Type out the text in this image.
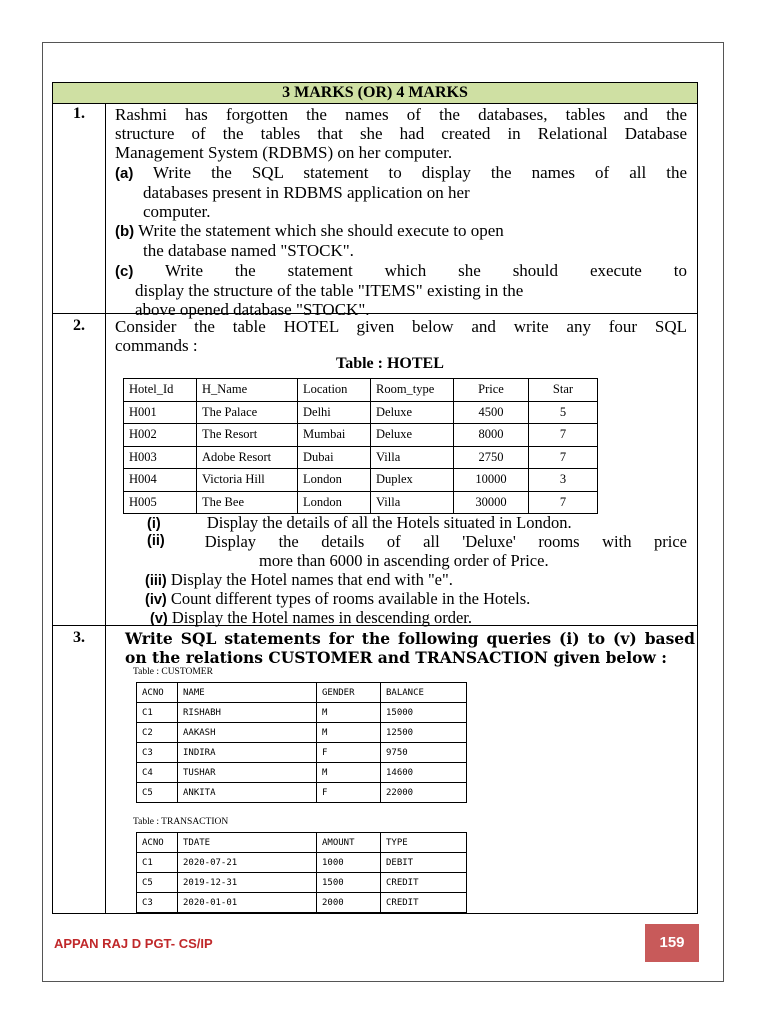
3 MARKS (OR) 4 MARKS
1.	Rashmi has forgotten the names of the databases, tables and the
structure of the tables that she had created in Relational Database
Management System (RDBMS) on her computer.
(a) Write the SQL statement to display the names of all the
databases present in RDBMS application on her
computer.
(b) Write the statement which she should execute to open
the database named "STOCK".
(c) Write the statement which she should execute to
display the structure of the table "ITEMS" existing in the
above opened database "STOCK".
2.	Consider the table HOTEL given below and write any four SQL
commands :
Table : HOTEL
Hotel_Id	H_Name	Location	Room_type	Price	Star
H001	The Palace	Delhi	Deluxe	4500	5
H002	The Resort	Mumbai	Deluxe	8000	7
H003	Adobe Resort	Dubai	Villa	2750	7
H004	Victoria Hill	London	Duplex	10000	3
H005	The Bee	London	Villa	30000	7
(i)	Display the details of all the Hotels situated in London.
(ii) Display the details of all 'Deluxe' rooms with price
more than 6000 in ascending order of Price.
(iii) Display the Hotel names that end with "e".
(iv) Count different types of rooms available in the Hotels.
(v) Display the Hotel names in descending order.
3.	Write SQL statements for the following queries (i) to (v) based
on the relations CUSTOMER and TRANSACTION given below :
Table : CUSTOMER
ACNO	NAME	GENDER	BALANCE
C1	RISHABH	M	15000
C2	AAKASH	M	12500
C3	INDIRA	F	9750
C4	TUSHAR	M	14600
C5	ANKITA	F	22000
Table : TRANSACTION
ACNO	TDATE	AMOUNT	TYPE
C1	2020-07-21	1000	DEBIT
C5	2019-12-31	1500	CREDIT
C3	2020-01-01	2000	CREDIT
APPAN RAJ D PGT- CS/IP	159
